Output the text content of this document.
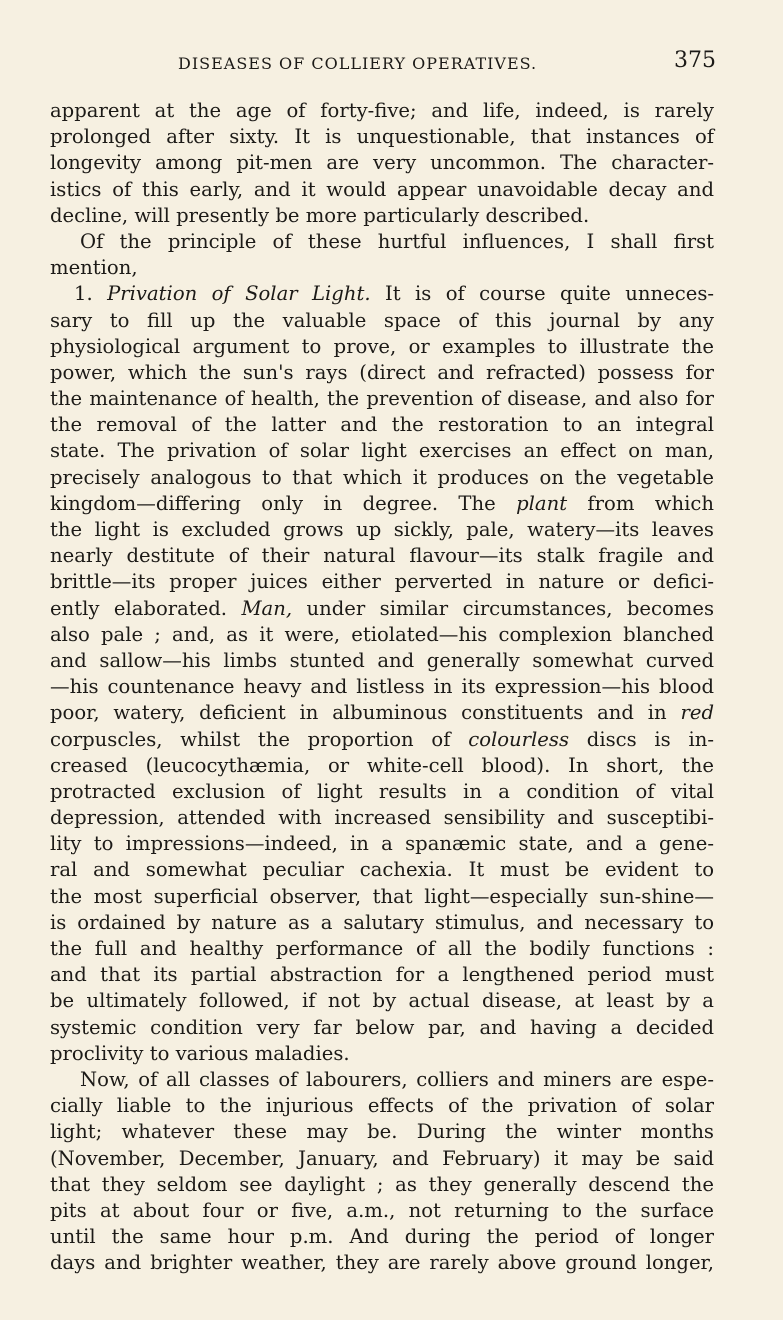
DISEASES OF COLLIERY OPERATIVES.	375
apparent at the age of forty-five; and life, indeed, is rarely
prolonged after sixty. It is unquestionable, that instances of
longevity among pit-men are very uncommon. The character-
istics of this early, and it would appear unavoidable decay and
decline, will presently be more particularly described.
Of the principle of these hurtful influences, I shall first
mention,
1. Privation of Solar Light. It is of course quite unneces-
sary to fill up the valuable space of this journal by any
physiological argument to prove, or examples to illustrate the
power, which the sun's rays (direct and refracted) possess for
the maintenance of health, the prevention of disease, and also for
the removal of the latter and the restoration to an integral
state. The privation of solar light exercises an effect on man,
precisely analogous to that which it produces on the vegetable
kingdom—differing only in degree. The plant from which
the light is excluded grows up sickly, pale, watery—its leaves
nearly destitute of their natural flavour—its stalk fragile and
brittle—its proper juices either perverted in nature or defici-
ently elaborated. Man, under similar circumstances, becomes
also pale ; and, as it were, etiolated—his complexion blanched
and sallow—his limbs stunted and generally somewhat curved
—his countenance heavy and listless in its expression—his blood
poor, watery, deficient in albuminous constituents and in red
corpuscles, whilst the proportion of colourless discs is in-
creased (leucocythæmia, or white-cell blood). In short, the
protracted exclusion of light results in a condition of vital
depression, attended with increased sensibility and susceptibi-
lity to impressions—indeed, in a spanæmic state, and a gene-
ral and somewhat peculiar cachexia. It must be evident to
the most superficial observer, that light—especially sun-shine—
is ordained by nature as a salutary stimulus, and necessary to
the full and healthy performance of all the bodily functions :
and that its partial abstraction for a lengthened period must
be ultimately followed, if not by actual disease, at least by a
systemic condition very far below par, and having a decided
proclivity to various maladies.
Now, of all classes of labourers, colliers and miners are espe-
cially liable to the injurious effects of the privation of solar
light; whatever these may be. During the winter months
(November, December, January, and February) it may be said
that they seldom see daylight ; as they generally descend the
pits at about four or five, a.m., not returning to the surface
until the same hour p.m. And during the period of longer
days and brighter weather, they are rarely above ground longer,
